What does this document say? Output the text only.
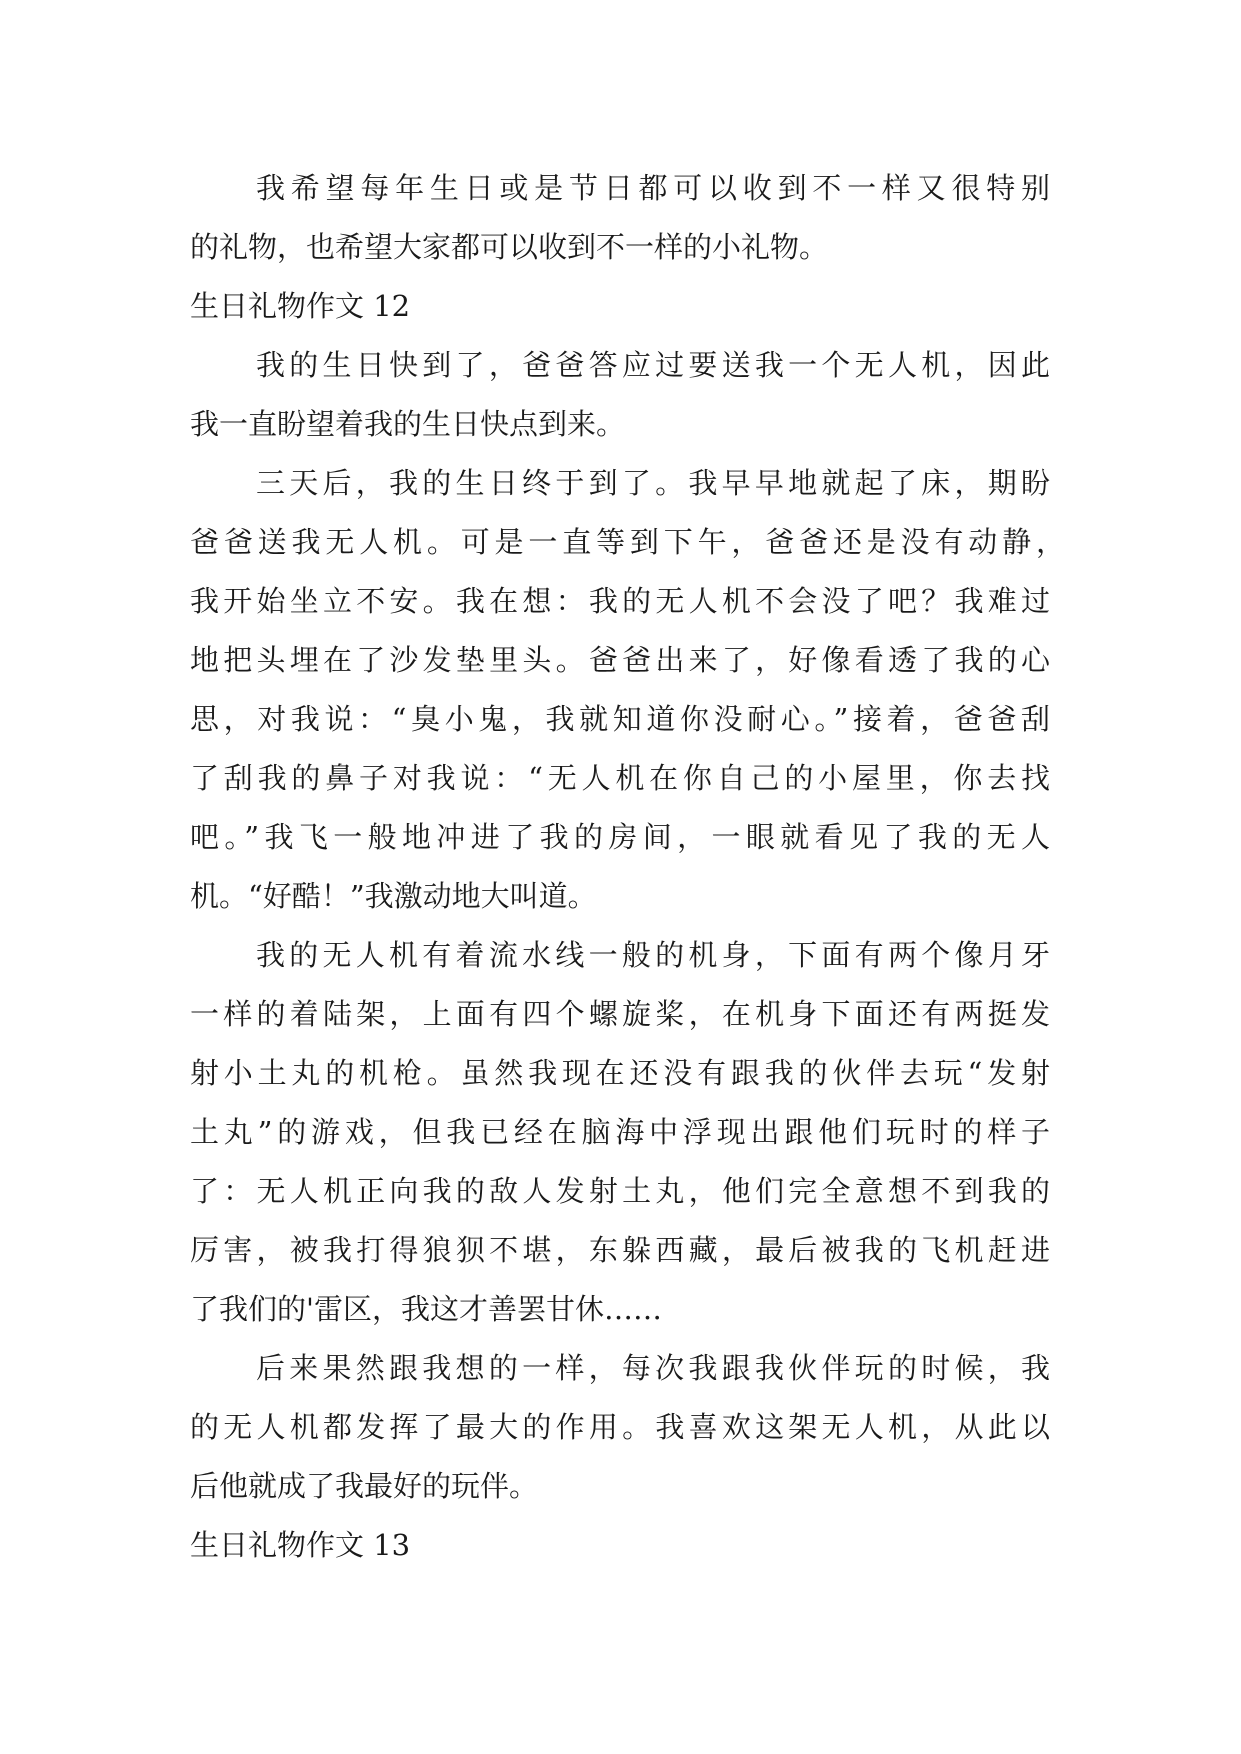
我希望每年生日或是节日都可以收到不一样又很特别
的礼物，也希望大家都可以收到不一样的小礼物。
生日礼物作文 12
我的生日快到了，爸爸答应过要送我一个无人机，因此
我一直盼望着我的生日快点到来。
三天后，我的生日终于到了。我早早地就起了床，期盼
爸爸送我无人机。可是一直等到下午，爸爸还是没有动静，
我开始坐立不安。我在想：我的无人机不会没了吧？我难过
地把头埋在了沙发垫里头。爸爸出来了，好像看透了我的心
思，对我说：“臭小鬼，我就知道你没耐心。”接着，爸爸刮
了刮我的鼻子对我说：“无人机在你自己的小屋里，你去找
吧。”我飞一般地冲进了我的房间，一眼就看见了我的无人
机。“好酷！”我激动地大叫道。
我的无人机有着流水线一般的机身，下面有两个像月牙
一样的着陆架，上面有四个螺旋桨，在机身下面还有两挺发
射小土丸的机枪。虽然我现在还没有跟我的伙伴去玩“发射
土丸”的游戏，但我已经在脑海中浮现出跟他们玩时的样子
了：无人机正向我的敌人发射土丸，他们完全意想不到我的
厉害，被我打得狼狈不堪，东躲西藏，最后被我的飞机赶进
了我们的'雷区，我这才善罢甘休……
后来果然跟我想的一样，每次我跟我伙伴玩的时候，我
的无人机都发挥了最大的作用。我喜欢这架无人机，从此以
后他就成了我最好的玩伴。
生日礼物作文 13
